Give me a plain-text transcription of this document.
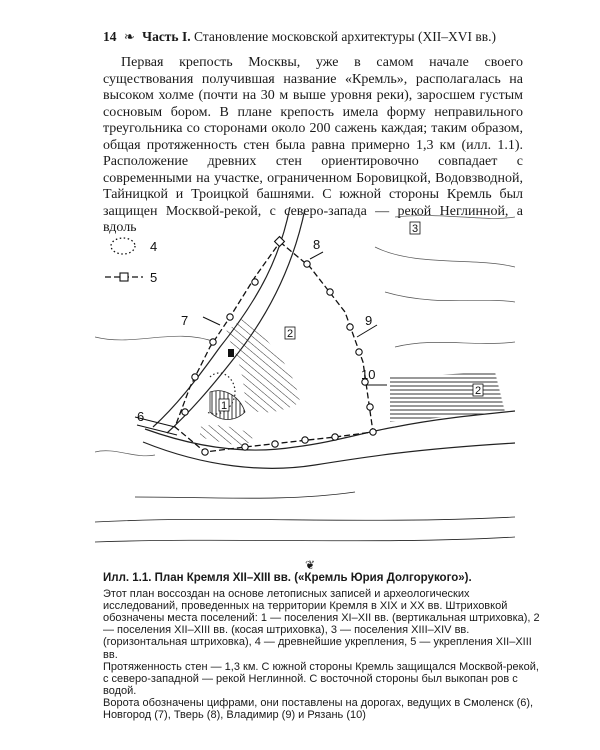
14 ❧ Часть I. Становление московской архитектуры (XII–XVI вв.)

Первая крепость Москвы, уже в самом начале своего существования получившая название «Кремль», располагалась на высоком холме (почти на 30 м выше уровня реки), заросшем густым сосновым бором. В плане крепость имела форму неправильного треугольника со сторонами около 200 сажень каждая; таким образом, общая протяженность стен была равна примерно 1,3 км (илл. 1.1). Расположение древних стен ориентировочно совпадает с современными на участке, ограниченном Боровицкой, Водовзводной, Тайницкой и Троицкой башнями. С южной стороны Кремль был защищен Москвой-рекой, с северо-запада — рекой Неглинной, а вдоль

6
7
8
9
10
1
2
2
3
4
5
❦
Илл. 1.1. План Кремля XII–XIII вв. («Кремль Юрия Долгорукого»).

Этот план воссоздан на основе летописных записей и археологических исследований, проведенных на территории Кремля в XIX и XX вв. Штриховкой обозначены места поселений: 1 — поселения XI–XII вв. (вертикальная штриховка), 2 — поселения XII–XIII вв. (косая штриховка), 3 — поселения XIII–XIV вв. (горизонтальная штриховка), 4 — древнейшие укрепления, 5 — укрепления XII–XIII вв.

Протяженность стен — 1,3 км. С южной стороны Кремль защищался Москвой-рекой, с северо-западной — рекой Неглинной. С восточной стороны был выкопан ров с водой.

Ворота обозначены цифрами, они поставлены на дорогах, ведущих в Смоленск (6), Новгород (7), Тверь (8), Владимир (9) и Рязань (10)
